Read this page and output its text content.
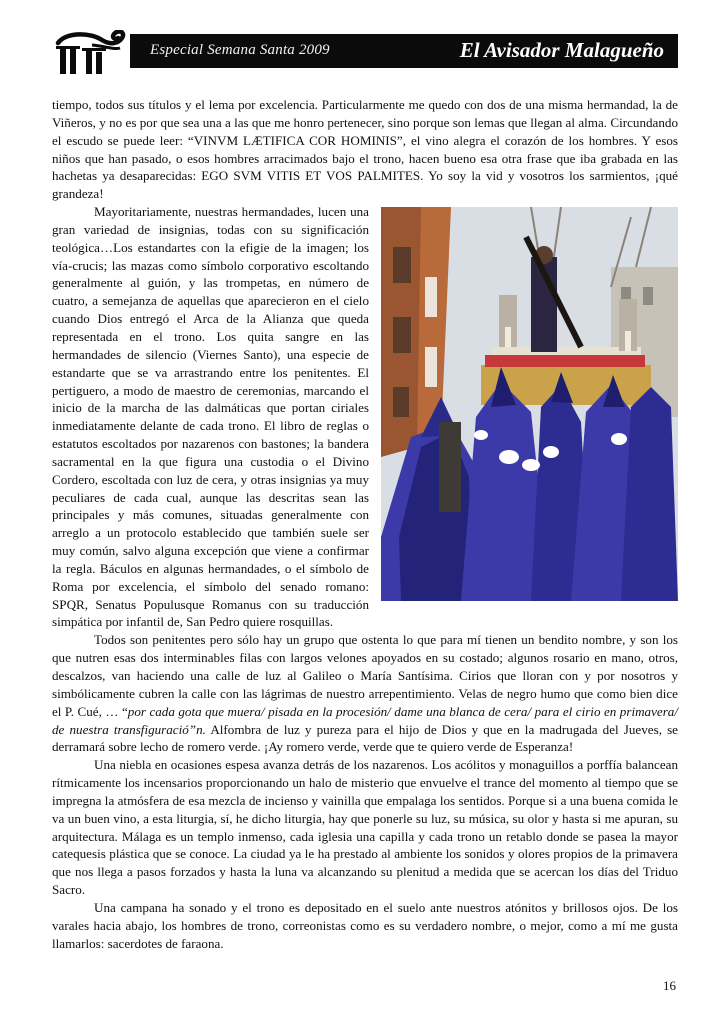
Especial Semana Santa 2009	El Avisador Malagueño

tiempo, todos sus títulos y el lema por excelencia. Particularmente me quedo con dos de una misma hermandad, la de Viñeros, y no es por que sea una a las que me honro pertenecer, sino porque son lemas que llegan al alma. Circundando el escudo se puede leer: “VINVM LÆTIFICA COR HOMINIS”, el vino alegra el corazón de los hombres. Y esos niños que han pasado, o esos hombres arracimados bajo el trono, hacen bueno esa otra frase que iba grabada en las hachetas ya desaparecidas: EGO SVM VITIS ET VOS PALMITES. Yo soy la vid y vosotros los sarmientos, ¡qué grandeza!

Mayoritariamente, nuestras hermandades, lucen una gran variedad de insignias, todas con su significación teológica…Los estandartes con la efigie de la imagen; los vía-crucis; las mazas como símbolo corporativo escoltando generalmente al guión, y las trompetas, en número de cuatro, a semejanza de aquellas que aparecieron en el cielo cuando Dios entregó el Arca de la Alianza que queda representada en el trono. Los quita sangre en las hermandades de silencio (Viernes Santo), una especie de estandarte que se va arrastrando entre los penitentes. El pertiguero, a modo de maestro de ceremonias, marcando el inicio de la marcha de las dalmáticas que portan ciriales inmediatamente delante de cada trono. El libro de reglas o estatutos escoltados por nazarenos con bastones; la bandera sacramental en la que figura una custodia o el Divino Cordero, escoltada con luz de cera, y otras insignias ya muy peculiares de cada cual, aunque las descritas sean las principales y más comunes, situadas generalmente con arreglo a un protocolo establecido que también suele ser muy común, salvo alguna excepción que viene a confirmar la regla. Báculos en algunas hermandades, o el símbolo de Roma por excelencia, el símbolo del senado romano: SPQR, Senatus Populusque Romanus con su traducción simpática por infantil de, San Pedro quiere rosquillas.

Todos son penitentes pero sólo hay un grupo que ostenta lo que para mí tienen un bendito nombre, y son los que nutren esas dos interminables filas con largos velones apoyados en su costado; algunos rosario en mano, otros, descalzos, van haciendo una calle de luz al Galileo o María Santísima. Cirios que lloran con y por nosotros y simbólicamente cubren la calle con las lágrimas de nuestro arrepentimiento. Velas de negro humo que como bien dice el P. Cué, … “por cada gota que muera/ pisada en la procesión/ dame una blanca de cera/ para el cirio en primavera/ de nuestra transfiguració”n. Alfombra de luz y pureza para el hijo de Dios y que en la madrugada del Jueves, se derramará sobre lecho de romero verde. ¡Ay romero verde, verde que te quiero verde de Esperanza!

Una niebla en ocasiones espesa avanza detrás de los nazarenos. Los acólitos y monaguillos a porffía balancean rítmicamente los incensarios proporcionando un halo de misterio que envuelve el trance del momento al tiempo que se impregna la atmósfera de esa mezcla de incienso y vainilla que empalaga los sentidos. Porque si a una buena comida le va un buen vino, a esta liturgia, sí, he dicho liturgia, hay que ponerle su luz, su música, su olor y hasta si me apuran, su arquitectura. Málaga es un templo inmenso, cada iglesia una capilla y cada trono un retablo donde se pasea la mayor catequesis plástica que se conoce. La ciudad ya le ha prestado al ambiente los sonidos y olores propios de la primavera que nos llega a pasos forzados y hasta la luna va alcanzando su plenitud a medida que se acercan los días del Triduo Sacro.

Una campana ha sonado y el trono es depositado en el suelo ante nuestros atónitos y brillosos ojos. De los varales hacia abajo, los hombres de trono, correonistas como es su verdadero nombre, o mejor, como a mí me gusta llamarlos: sacerdotes de faraona.

16
